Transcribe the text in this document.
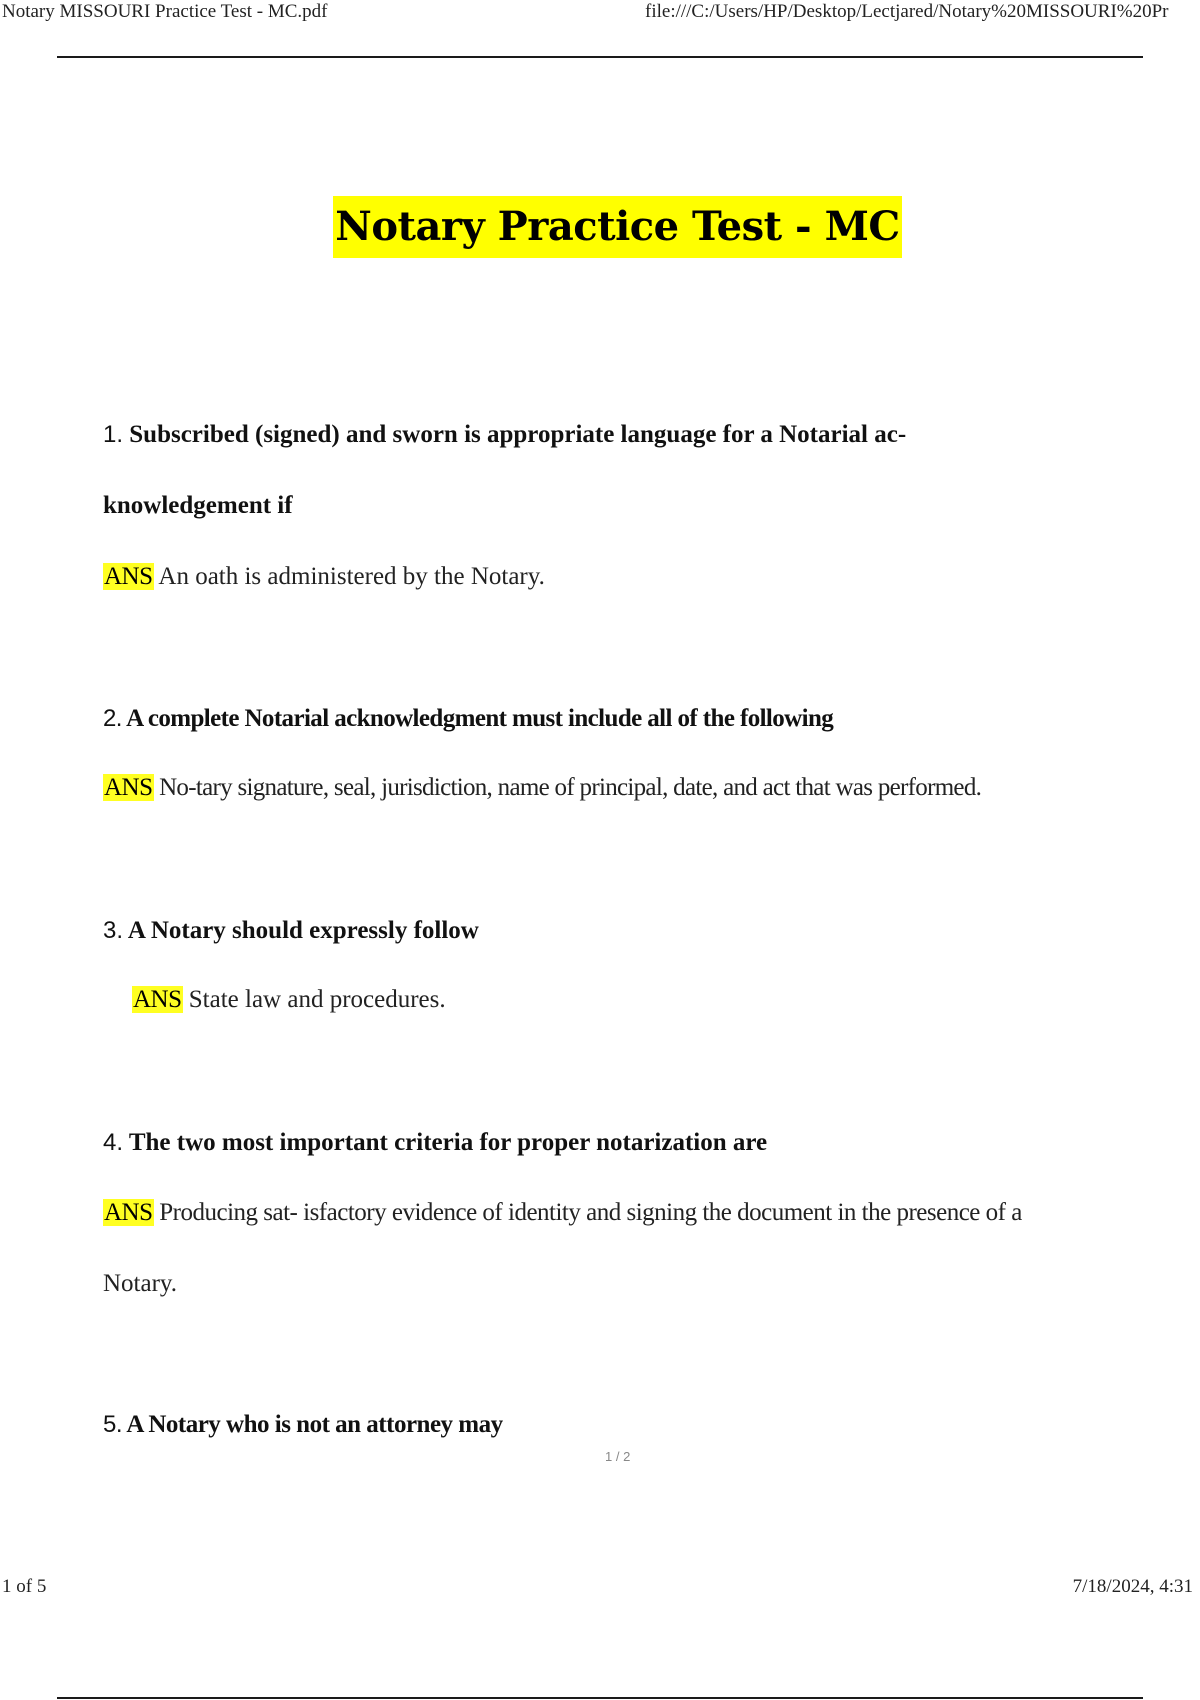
Notary MISSOURI Practice Test - MC.pdf	file:///C:/Users/HP/Desktop/Lectjared/Notary%20MISSOURI%20Pr
Notary Practice Test - MC
1. Subscribed (signed) and sworn is appropriate language for a Notarial ac-
knowledgement if
ANS An oath is administered by the Notary.
2. A complete Notarial acknowledgment must include all of the following
ANS No-tary signature, seal, jurisdiction, name of principal, date, and act that was performed.
3. A Notary should expressly follow
ANS State law and procedures.
4. The two most important criteria for proper notarization are
ANS Producing sat- isfactory evidence of identity and signing the document in the presence of a
Notary.
5. A Notary who is not an attorney may
1 / 2
1 of 5	7/18/2024, 4:31
